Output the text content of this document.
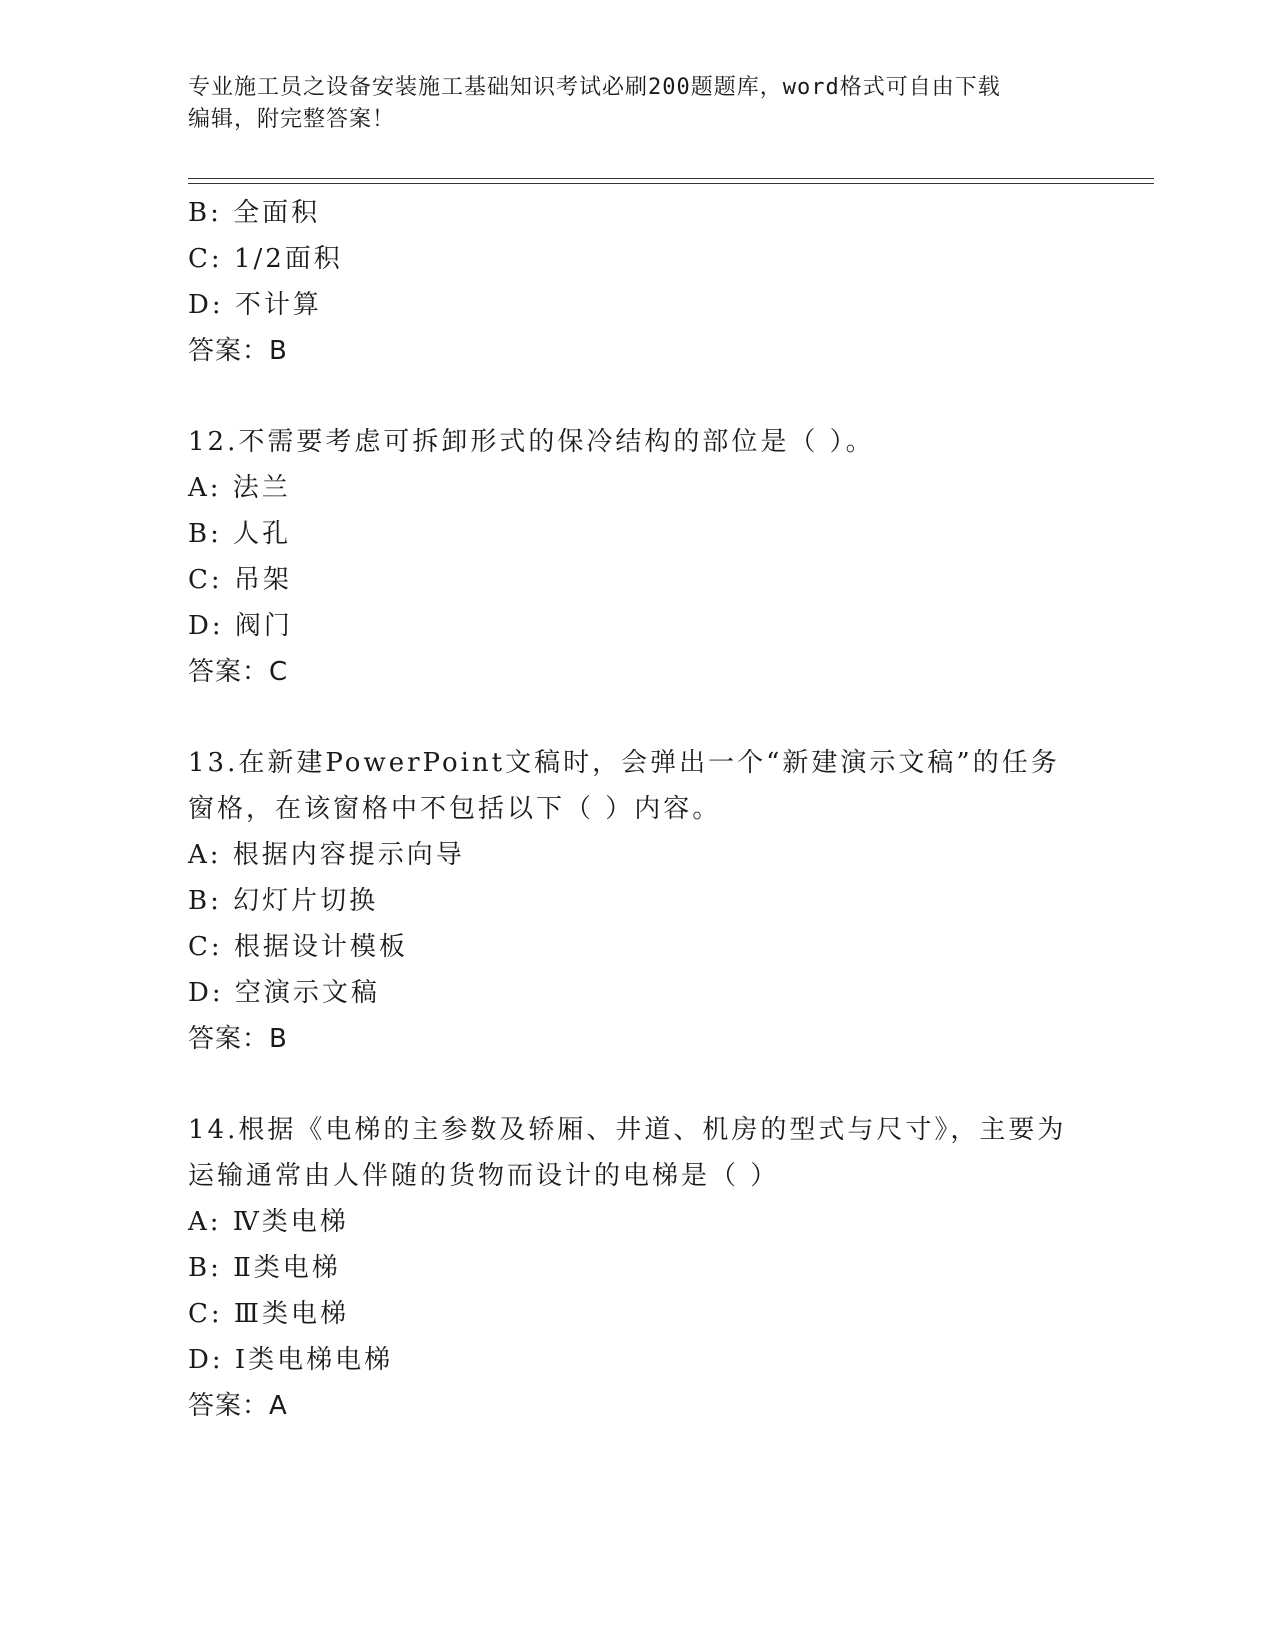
专业施工员之设备安装施工基础知识考试必刷200题题库，word格式可自由下载
编辑，附完整答案！
B: 全面积
C: 1/2面积
D: 不计算
答案：B
12.不需要考虑可拆卸形式的保冷结构的部位是（ ）。
A: 法兰
B: 人孔
C: 吊架
D: 阀门
答案：C
13.在新建PowerPoint文稿时，会弹出一个“新建演示文稿”的任务
窗格，在该窗格中不包括以下（ ）内容。
A: 根据内容提示向导
B: 幻灯片切换
C: 根据设计模板
D: 空演示文稿
答案：B
14.根据《电梯的主参数及轿厢、井道、机房的型式与尺寸》，主要为
运输通常由人伴随的货物而设计的电梯是（ ）
A: Ⅳ类电梯
B: Ⅱ类电梯
C: Ⅲ类电梯
D: Ⅰ类电梯电梯
答案：A
